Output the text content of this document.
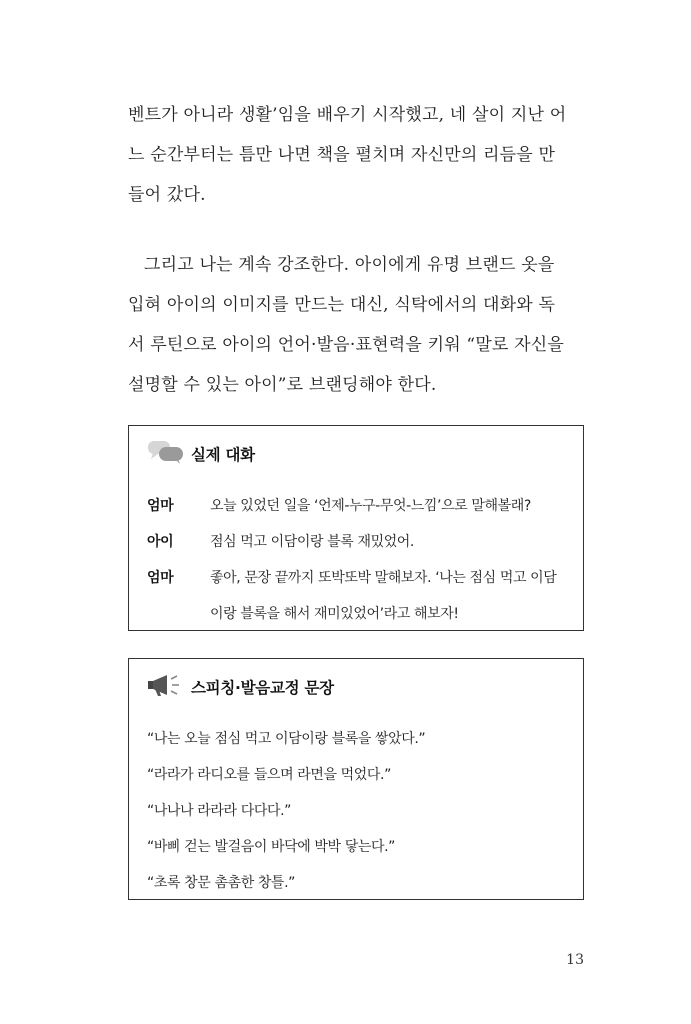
벤트가 아니라 생활’임을 배우기 시작했고, 네 살이 지난 어

느 순간부터는 틈만 나면 책을 펼치며 자신만의 리듬을 만

들어 갔다.

그리고 나는 계속 강조한다. 아이에게 유명 브랜드 옷을

입혀 아이의 이미지를 만드는 대신, 식탁에서의 대화와 독

서 루틴으로 아이의 언어·발음·표현력을 키워 “말로 자신을

설명할 수 있는 아이”로 브랜딩해야 한다.

실제 대화
엄마	오늘 있었던 일을 ‘언제-누구-무엇-느낌’으로 말해볼래?
아이	점심 먹고 이담이랑 블록 재밌었어.
엄마	좋아, 문장 끝까지 또박또박 말해보자. ‘나는 점심 먹고 이담이랑 블록을 해서 재미있었어’라고 해보자!
스피칭·발음교정 문장
“나는 오늘 점심 먹고 이담이랑 블록을 쌓았다.”
“라라가 라디오를 들으며 라면을 먹었다.”
“나나나 라라라 다다다.”
“바삐 걷는 발걸음이 바닥에 박박 닿는다.”
“초록 창문 촘촘한 창틀.”
13
